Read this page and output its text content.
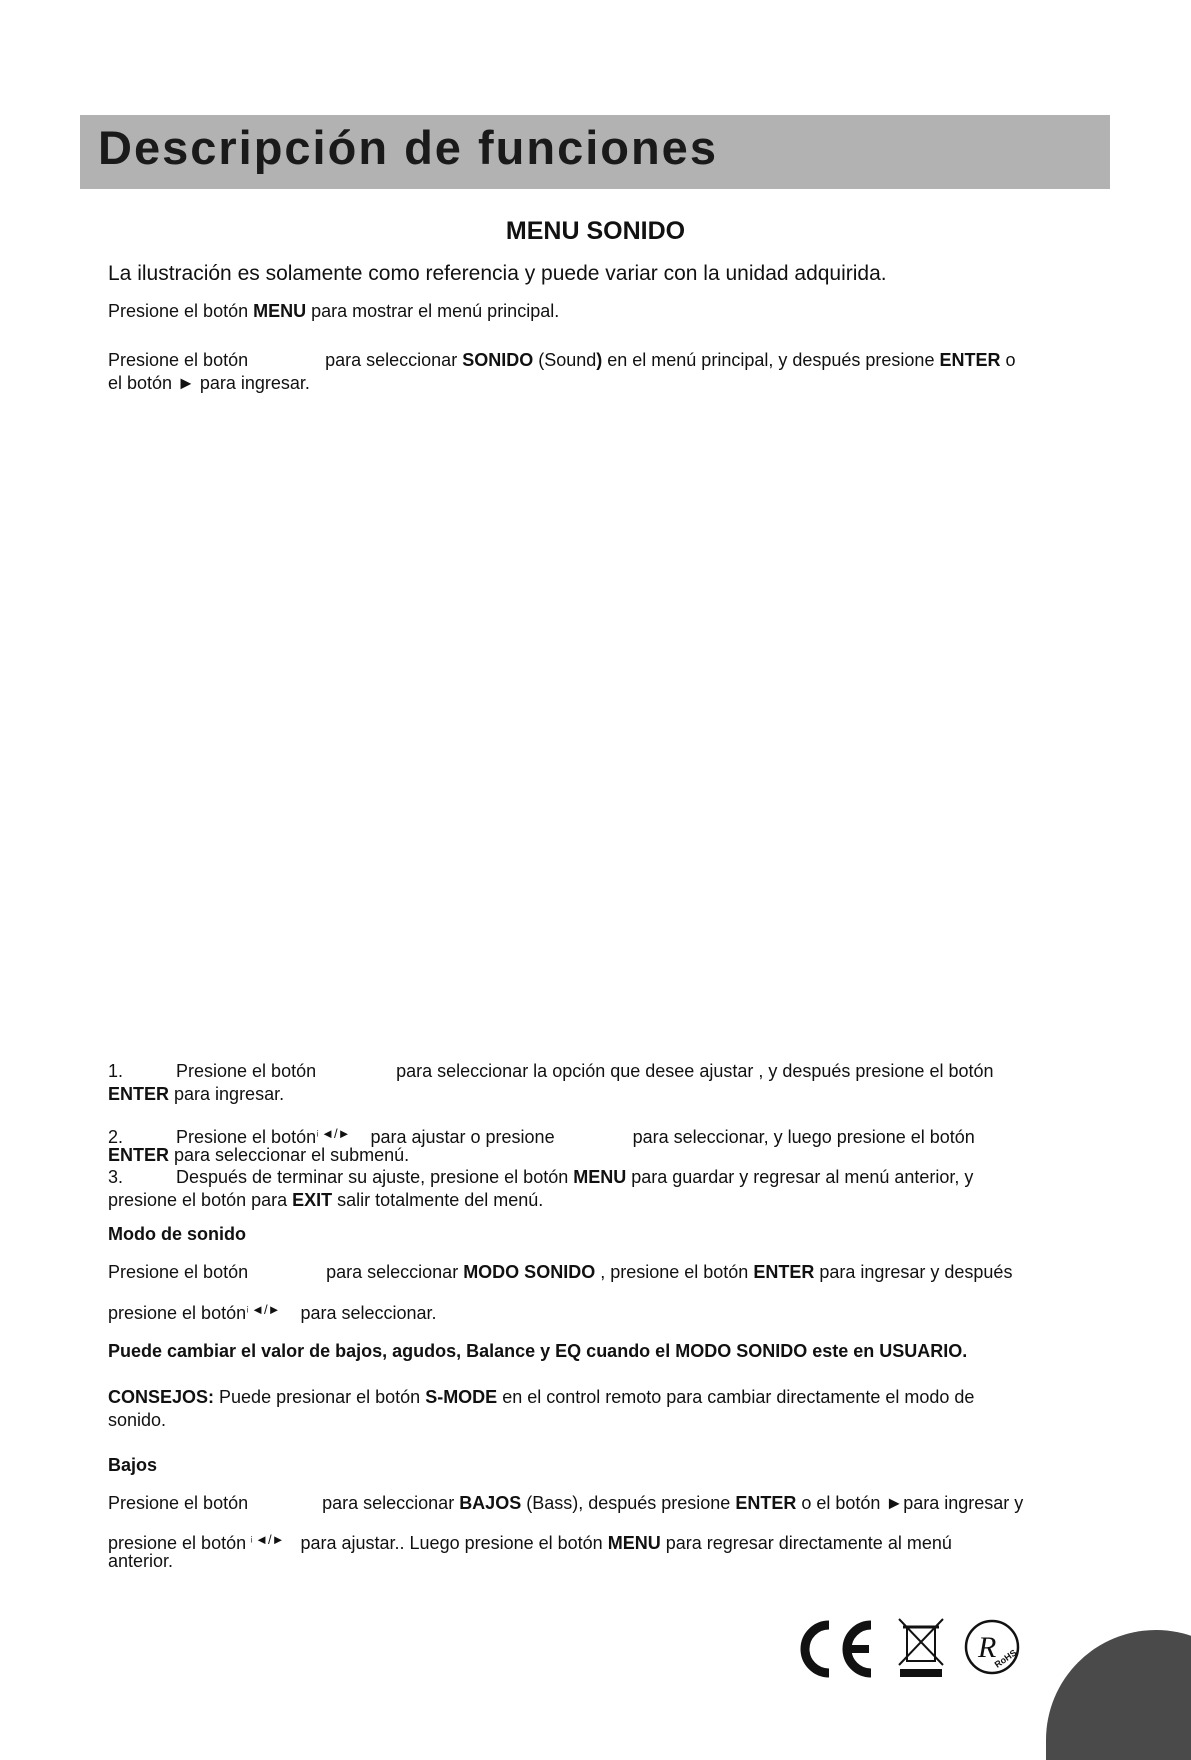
Descripción de funciones
MENU SONIDO
La ilustración es solamente como referencia y puede variar con la unidad adquirida.
Presione el botón MENU para mostrar el menú principal.
Presione el botón	para seleccionar SONIDO (Sound) en el menú principal, y después presione ENTER o
el botón ► para ingresar.
1.	Presione el botón	para seleccionar la opción que desee ajustar , y después presione el botón
ENTER para ingresar.
2.	Presione el botón¡ ◄/► para ajustar o presione	para seleccionar, y luego presione el botón
ENTER para seleccionar el submenú.
3.	Después de terminar su ajuste, presione el botón MENU para guardar y regresar al menú anterior, y
presione el botón para EXIT salir totalmente del menú.
Modo de sonido
Presione el botón	para seleccionar MODO SONIDO , presione el botón ENTER para ingresar y después
presione el botón¡ ◄/► para seleccionar.
Puede cambiar el valor de bajos, agudos, Balance y EQ cuando el MODO SONIDO este en USUARIO.
CONSEJOS: Puede presionar el botón S-MODE en el control remoto para cambiar directamente el modo de
sonido.
Bajos
Presione el botón	para seleccionar BAJOS (Bass), después presione ENTER o el botón ►para ingresar y
presione el botón ¡ ◄/► para ajustar.. Luego presione el botón MENU para regresar directamente al menú
anterior.
R
RoHS
